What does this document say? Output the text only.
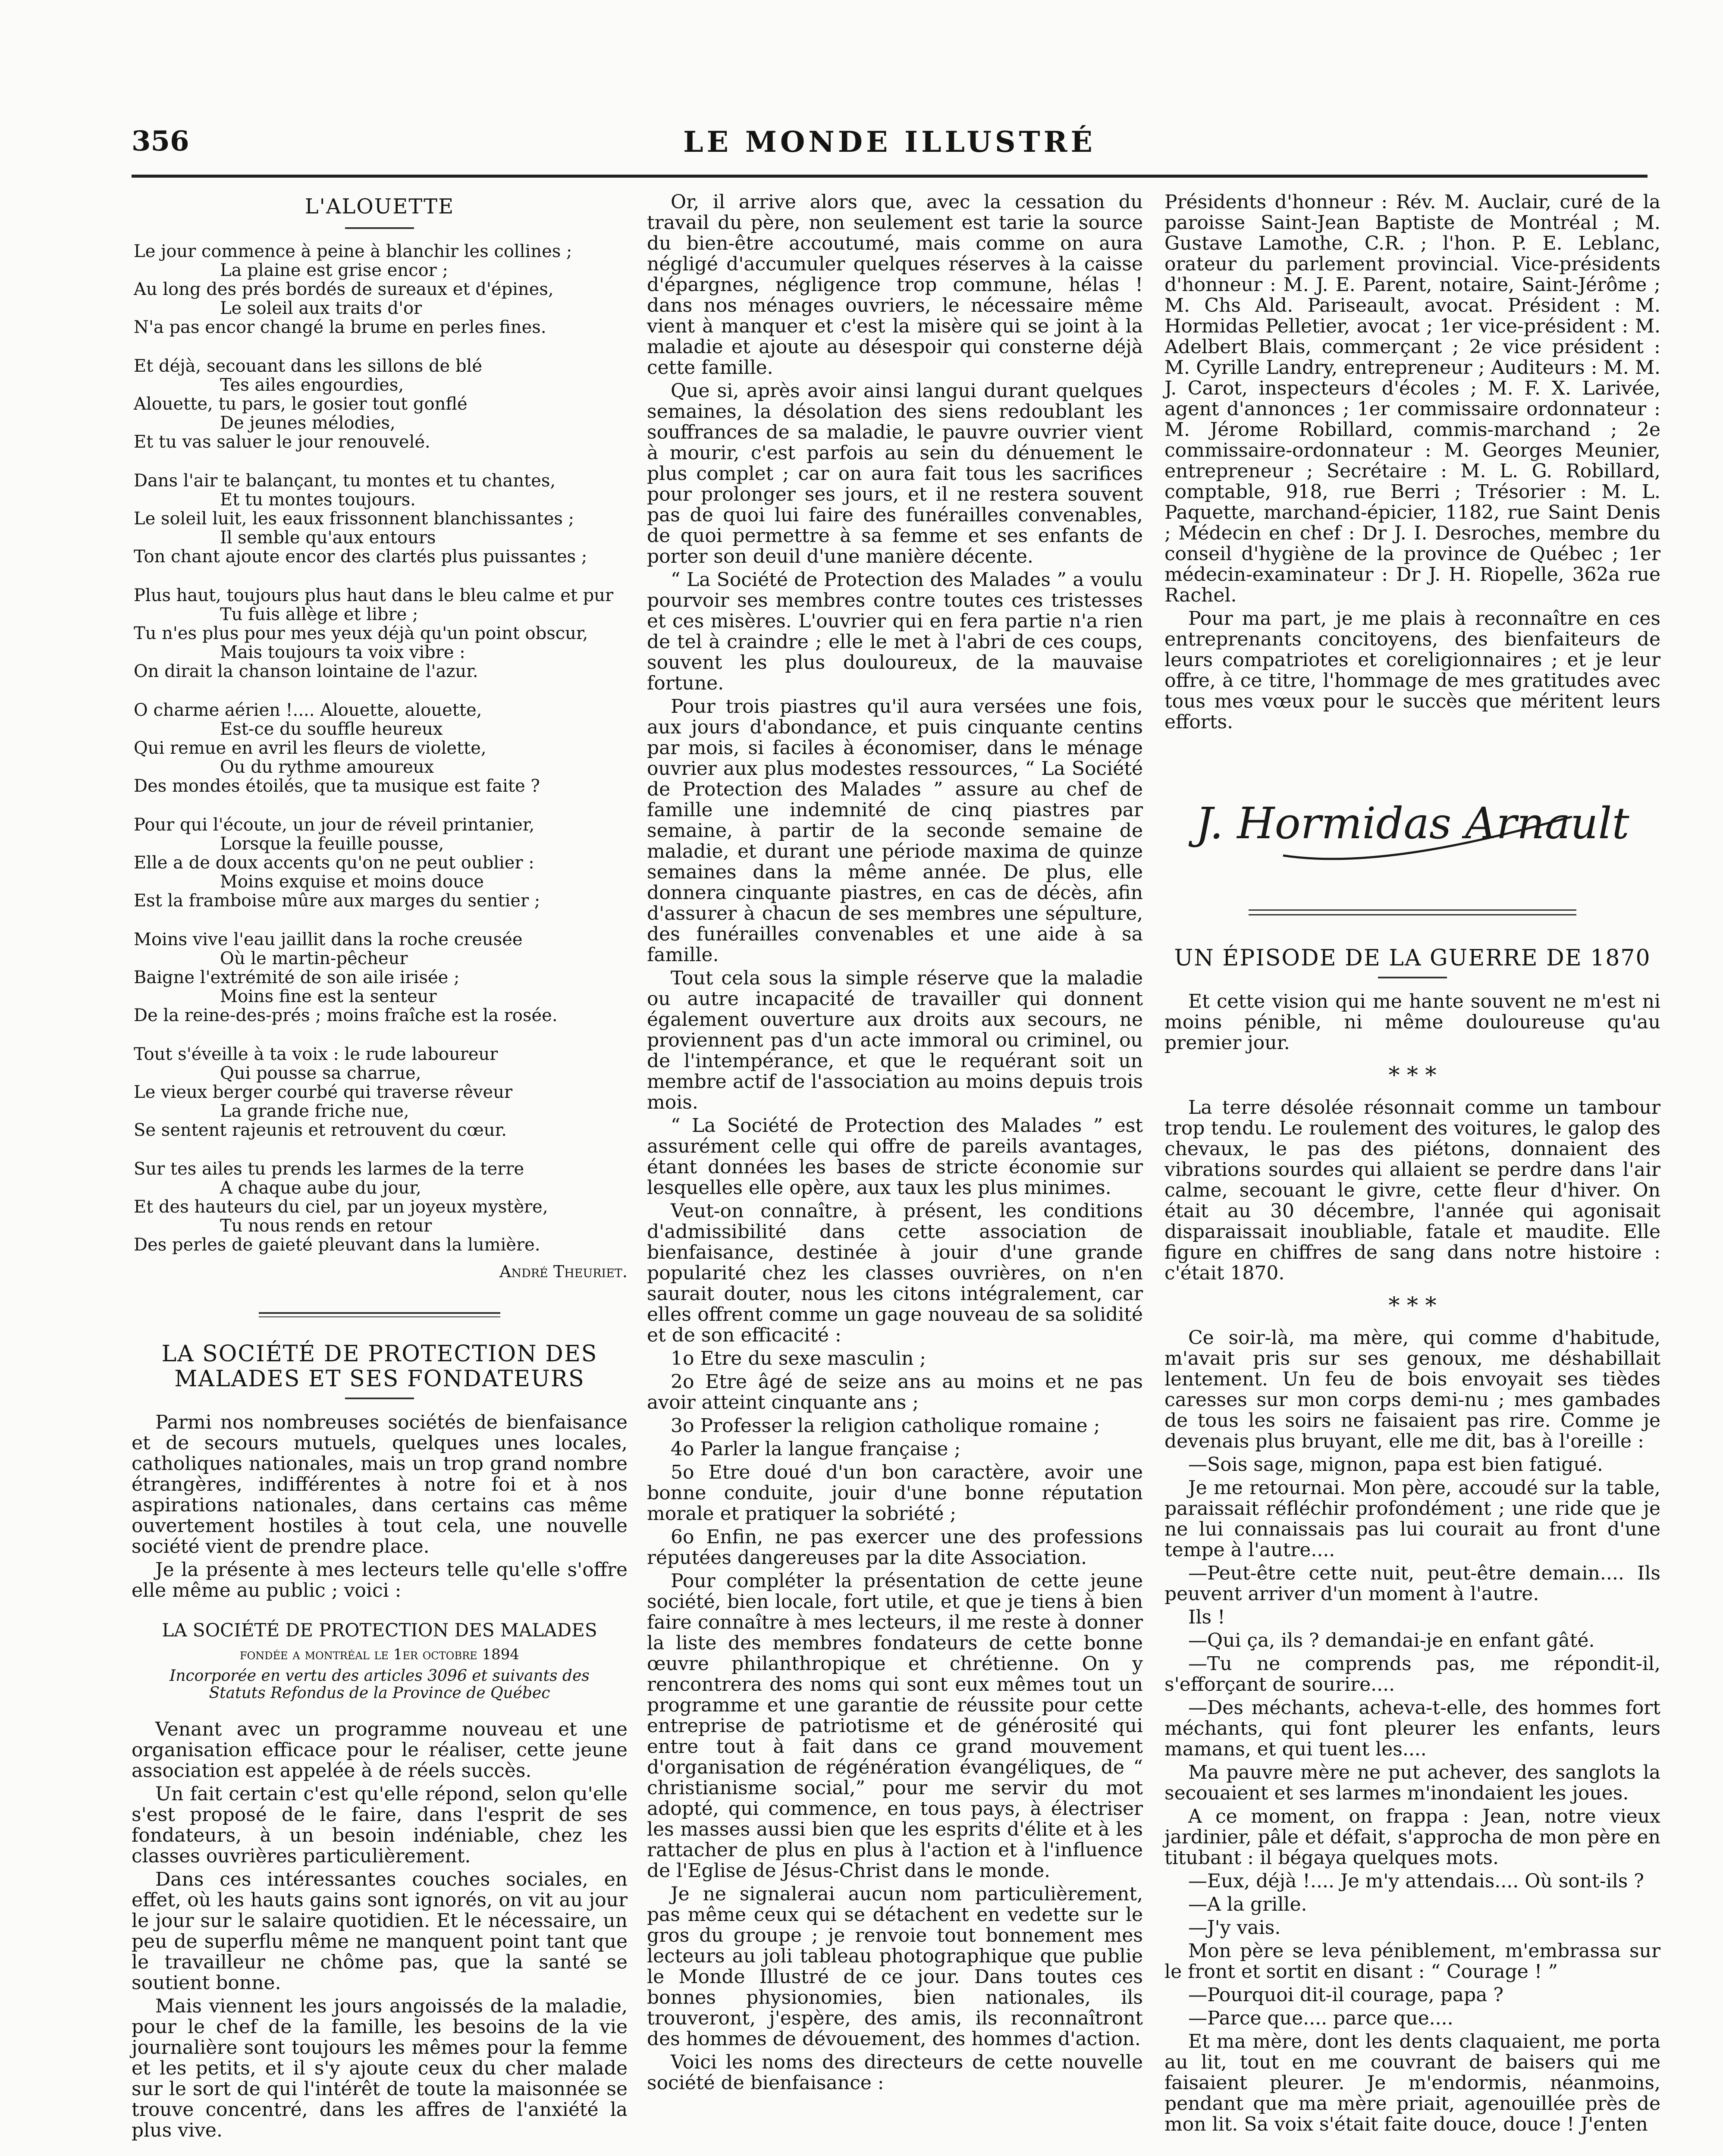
356	LE MONDE ILLUSTRÉ
L'ALOUETTE
Le jour commence à peine à blanchir les collines ;
La plaine est grise encor ;
Au long des prés bordés de sureaux et d'épines,
Le soleil aux traits d'or
N'a pas encor changé la brume en perles fines.
Et déjà, secouant dans les sillons de blé
Tes ailes engourdies,
Alouette, tu pars, le gosier tout gonflé
De jeunes mélodies,
Et tu vas saluer le jour renouvelé.
Dans l'air te balançant, tu montes et tu chantes,
Et tu montes toujours.
Le soleil luit, les eaux frissonnent blanchissantes ;
Il semble qu'aux entours
Ton chant ajoute encor des clartés plus puissantes ;
Plus haut, toujours plus haut dans le bleu calme et pur
Tu fuis allège et libre ;
Tu n'es plus pour mes yeux déjà qu'un point obscur,
Mais toujours ta voix vibre :
On dirait la chanson lointaine de l'azur.
O charme aérien !.... Alouette, alouette,
Est-ce du souffle heureux
Qui remue en avril les fleurs de violette,
Ou du rythme amoureux
Des mondes étoilés, que ta musique est faite ?
Pour qui l'écoute, un jour de réveil printanier,
Lorsque la feuille pousse,
Elle a de doux accents qu'on ne peut oublier :
Moins exquise et moins douce
Est la framboise mûre aux marges du sentier ;
Moins vive l'eau jaillit dans la roche creusée
Où le martin-pêcheur
Baigne l'extrémité de son aile irisée ;
Moins fine est la senteur
De la reine-des-prés ; moins fraîche est la rosée.
Tout s'éveille à ta voix : le rude laboureur
Qui pousse sa charrue,
Le vieux berger courbé qui traverse rêveur
La grande friche nue,
Se sentent rajeunis et retrouvent du cœur.
Sur tes ailes tu prends les larmes de la terre
A chaque aube du jour,
Et des hauteurs du ciel, par un joyeux mystère,
Tu nous rends en retour
Des perles de gaieté pleuvant dans la lumière.
André Theuriet.
LA SOCIÉTÉ DE PROTECTION DES MALADES ET SES FONDATEURS

Parmi nos nombreuses sociétés de bienfaisance et de secours mutuels, quelques unes locales, catholiques nationales, mais un trop grand nombre étrangères, indifférentes à notre foi et à nos aspirations nationales, dans certains cas même ouvertement hostiles à tout cela, une nouvelle société vient de prendre place.

Je la présente à mes lecteurs telle qu'elle s'offre elle même au public ; voici :

LA SOCIÉTÉ DE PROTECTION DES MALADES
fondée a montréal le 1er octobre 1894
Incorporée en vertu des articles 3096 et suivants des Statuts Refondus de la Province de Québec

Venant avec un programme nouveau et une organisation efficace pour le réaliser, cette jeune association est appelée à de réels succès.

Un fait certain c'est qu'elle répond, selon qu'elle s'est proposé de le faire, dans l'esprit de ses fondateurs, à un besoin indéniable, chez les classes ouvrières particulièrement.

Dans ces intéressantes couches sociales, en effet, où les hauts gains sont ignorés, on vit au jour le jour sur le salaire quotidien. Et le nécessaire, un peu de superflu même ne manquent point tant que le travailleur ne chôme pas, que la santé se soutient bonne.

Mais viennent les jours angoissés de la maladie, pour le chef de la famille, les besoins de la vie journalière sont toujours les mêmes pour la femme et les petits, et il s'y ajoute ceux du cher malade sur le sort de qui l'intérêt de toute la maisonnée se trouve concentré, dans les affres de l'anxiété la plus vive.

Or, il arrive alors que, avec la cessation du travail du père, non seulement est tarie la source du bien-être accoutumé, mais comme on aura négligé d'accumuler quelques réserves à la caisse d'épargnes, négligence trop commune, hélas ! dans nos ménages ouvriers, le nécessaire même vient à manquer et c'est la misère qui se joint à la maladie et ajoute au désespoir qui consterne déjà cette famille.

Que si, après avoir ainsi langui durant quelques semaines, la désolation des siens redoublant les souffrances de sa maladie, le pauvre ouvrier vient à mourir, c'est parfois au sein du dénuement le plus complet ; car on aura fait tous les sacrifices pour prolonger ses jours, et il ne restera souvent pas de quoi lui faire des funérailles convenables, de quoi permettre à sa femme et ses enfants de porter son deuil d'une manière décente.

“ La Société de Protection des Malades ” a voulu pourvoir ses membres contre toutes ces tristesses et ces misères. L'ouvrier qui en fera partie n'a rien de tel à craindre ; elle le met à l'abri de ces coups, souvent les plus douloureux, de la mauvaise fortune.

Pour trois piastres qu'il aura versées une fois, aux jours d'abondance, et puis cinquante centins par mois, si faciles à économiser, dans le ménage ouvrier aux plus modestes ressources, “ La Société de Protection des Malades ” assure au chef de famille une indemnité de cinq piastres par semaine, à partir de la seconde semaine de maladie, et durant une période maxima de quinze semaines dans la même année. De plus, elle donnera cinquante piastres, en cas de décès, afin d'assurer à chacun de ses membres une sépulture, des funérailles convenables et une aide à sa famille.

Tout cela sous la simple réserve que la maladie ou autre incapacité de travailler qui donnent également ouverture aux droits aux secours, ne proviennent pas d'un acte immoral ou criminel, ou de l'intempérance, et que le requérant soit un membre actif de l'association au moins depuis trois mois.

“ La Société de Protection des Malades ” est assurément celle qui offre de pareils avantages, étant données les bases de stricte économie sur lesquelles elle opère, aux taux les plus minimes.

Veut-on connaître, à présent, les conditions d'admissibilité dans cette association de bienfaisance, destinée à jouir d'une grande popularité chez les classes ouvrières, on n'en saurait douter, nous les citons intégralement, car elles offrent comme un gage nouveau de sa solidité et de son efficacité :

1o Etre du sexe masculin ;

2o Etre âgé de seize ans au moins et ne pas avoir atteint cinquante ans ;

3o Professer la religion catholique romaine ;

4o Parler la langue française ;

5o Etre doué d'un bon caractère, avoir une bonne conduite, jouir d'une bonne réputation morale et pratiquer la sobriété ;

6o Enfin, ne pas exercer une des professions réputées dangereuses par la dite Association.

Pour compléter la présentation de cette jeune société, bien locale, fort utile, et que je tiens à bien faire connaître à mes lecteurs, il me reste à donner la liste des membres fondateurs de cette bonne œuvre philanthropique et chrétienne. On y rencontrera des noms qui sont eux mêmes tout un programme et une garantie de réussite pour cette entreprise de patriotisme et de générosité qui entre tout à fait dans ce grand mouvement d'organisation de régénération évangéliques, de “ christianisme social,” pour me servir du mot adopté, qui commence, en tous pays, à électriser les masses aussi bien que les esprits d'élite et à les rattacher de plus en plus à l'action et à l'influence de l'Eglise de Jésus-Christ dans le monde.

Je ne signalerai aucun nom particulièrement, pas même ceux qui se détachent en vedette sur le gros du groupe ; je renvoie tout bonnement mes lecteurs au joli tableau photographique que publie le Monde Illustré de ce jour. Dans toutes ces bonnes physionomies, bien nationales, ils trouveront, j'espère, des amis, ils reconnaîtront des hommes de dévouement, des hommes d'action.

Voici les noms des directeurs de cette nouvelle société de bienfaisance :

Présidents d'honneur : Rév. M. Auclair, curé de la paroisse Saint-Jean Baptiste de Montréal ; M. Gustave Lamothe, C.R. ; l'hon. P. E. Leblanc, orateur du parlement provincial. Vice-présidents d'honneur : M. J. E. Parent, notaire, Saint-Jérôme ; M. Chs Ald. Pariseault, avocat. Président : M. Hormidas Pelletier, avocat ; 1er vice-président : M. Adelbert Blais, commerçant ; 2e vice président : M. Cyrille Landry, entrepreneur ; Auditeurs : M. M. J. Carot, inspecteurs d'écoles ; M. F. X. Larivée, agent d'annonces ; 1er commissaire ordonnateur : M. Jérome Robillard, commis-marchand ; 2e commissaire-ordonnateur : M. Georges Meunier, entrepreneur ; Secrétaire : M. L. G. Robillard, comptable, 918, rue Berri ; Trésorier : M. L. Paquette, marchand-épicier, 1182, rue Saint Denis ; Médecin en chef : Dr J. I. Desroches, membre du conseil d'hygiène de la province de Québec ; 1er médecin-examinateur : Dr J. H. Riopelle, 362a rue Rachel.

Pour ma part, je me plais à reconnaître en ces entreprenants concitoyens, des bienfaiteurs de leurs compatriotes et coreligionnaires ; et je leur offre, à ce titre, l'hommage de mes gratitudes avec tous mes vœux pour le succès que méritent leurs efforts.

J. Hormidas Arnault
UN ÉPISODE DE LA GUERRE DE 1870

Et cette vision qui me hante souvent ne m'est ni moins pénible, ni même douloureuse qu'au premier jour.

* * *

La terre désolée résonnait comme un tambour trop tendu. Le roulement des voitures, le galop des chevaux, le pas des piétons, donnaient des vibrations sourdes qui allaient se perdre dans l'air calme, secouant le givre, cette fleur d'hiver. On était au 30 décembre, l'année qui agonisait disparaissait inoubliable, fatale et maudite. Elle figure en chiffres de sang dans notre histoire : c'était 1870.

* * *

Ce soir-là, ma mère, qui comme d'habitude, m'avait pris sur ses genoux, me déshabillait lentement. Un feu de bois envoyait ses tièdes caresses sur mon corps demi-nu ; mes gambades de tous les soirs ne faisaient pas rire. Comme je devenais plus bruyant, elle me dit, bas à l'oreille :

—Sois sage, mignon, papa est bien fatigué.

Je me retournai. Mon père, accoudé sur la table, paraissait réfléchir profondément ; une ride que je ne lui connaissais pas lui courait au front d'une tempe à l'autre....

—Peut-être cette nuit, peut-être demain.... Ils peuvent arriver d'un moment à l'autre.

Ils !

—Qui ça, ils ? demandai-je en enfant gâté.

—Tu ne comprends pas, me répondit-il, s'efforçant de sourire....

—Des méchants, acheva-t-elle, des hommes fort méchants, qui font pleurer les enfants, leurs mamans, et qui tuent les....

Ma pauvre mère ne put achever, des sanglots la secouaient et ses larmes m'inondaient les joues.

A ce moment, on frappa : Jean, notre vieux jardinier, pâle et défait, s'approcha de mon père en titubant : il bégaya quelques mots.

—Eux, déjà !.... Je m'y attendais.... Où sont-ils ?

—A la grille.

—J'y vais.

Mon père se leva péniblement, m'embrassa sur le front et sortit en disant : “ Courage ! ”

—Pourquoi dit-il courage, papa ?

—Parce que.... parce que....

Et ma mère, dont les dents claquaient, me porta au lit, tout en me couvrant de baisers qui me faisaient pleurer. Je m'endormis, néanmoins, pendant que ma mère priait, agenouillée près de mon lit. Sa voix s'était faite douce, douce ! J'enten
